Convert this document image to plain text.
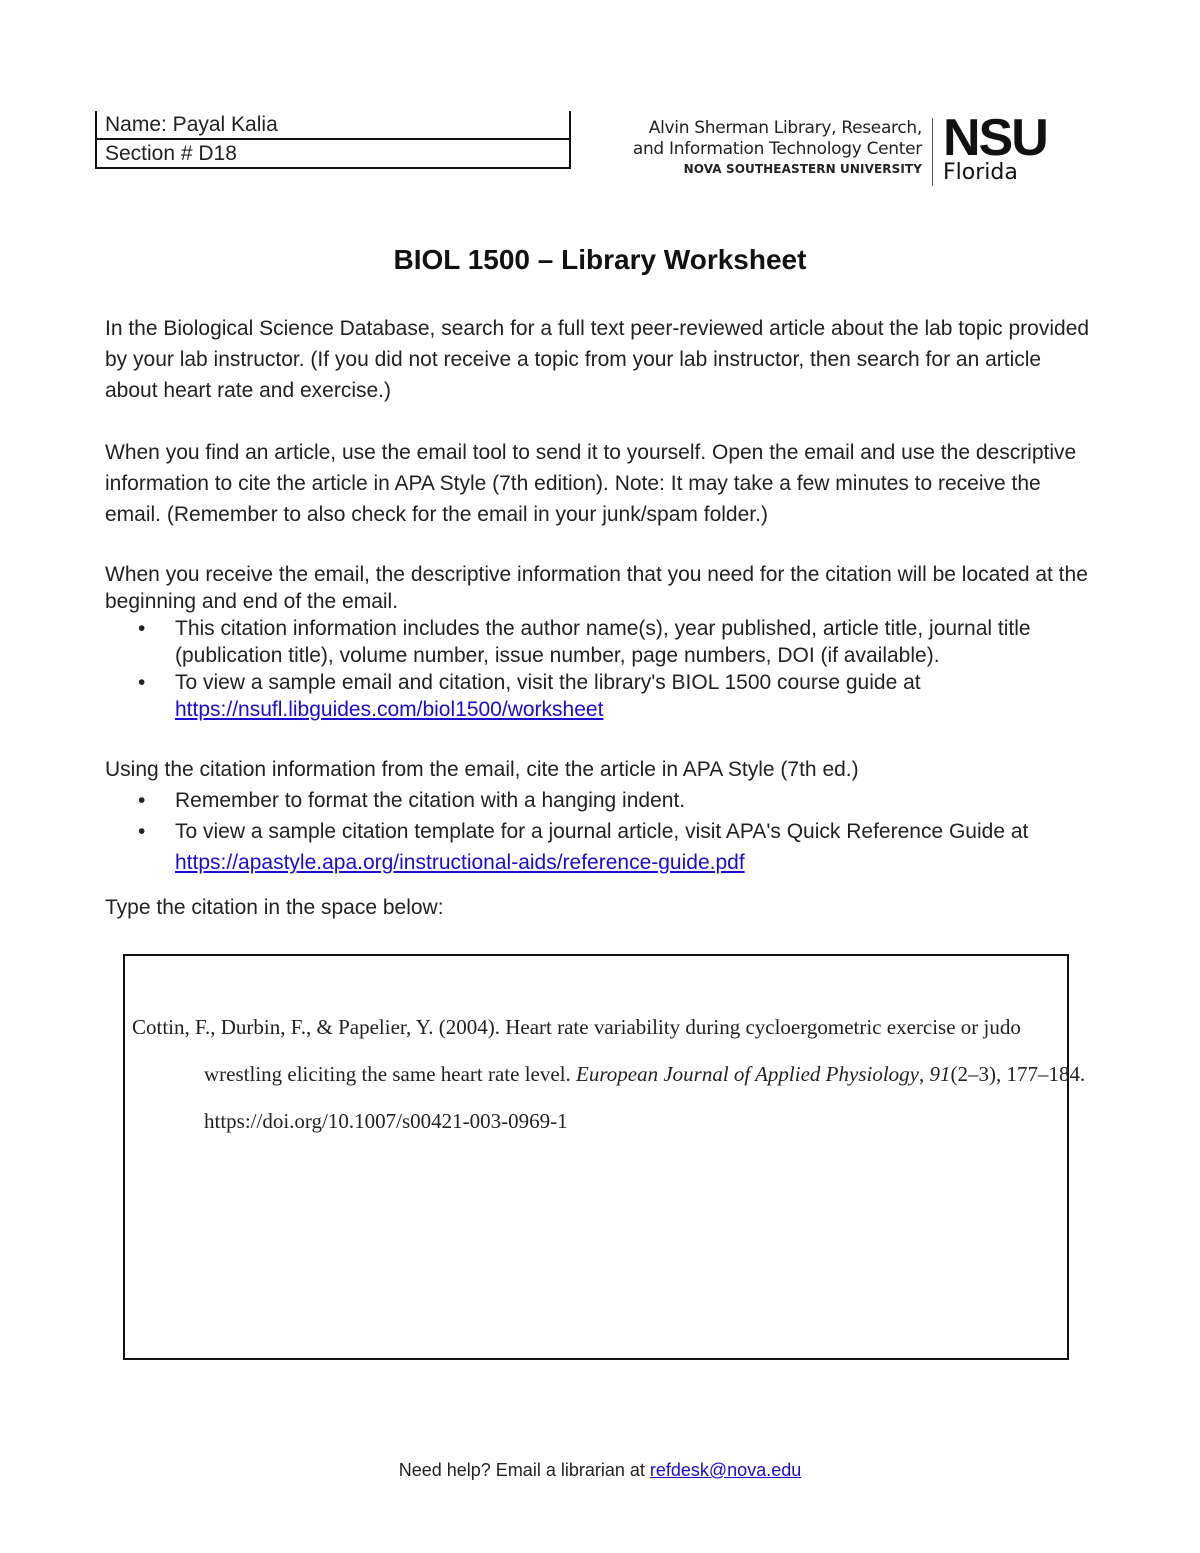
Name: Payal Kalia
Section # D18
Alvin Sherman Library, Research,
and Information Technology Center
NOVA SOUTHEASTERN UNIVERSITY
NSU
Florida
BIOL 1500 – Library Worksheet

In the Biological Science Database, search for a full text peer-reviewed article about the lab topic provided by your lab instructor. (If you did not receive a topic from your lab instructor, then search for an article about heart rate and exercise.)

When you find an article, use the email tool to send it to yourself. Open the email and use the descriptive information to cite the article in APA Style (7th edition). Note: It may take a few minutes to receive the email. (Remember to also check for the email in your junk/spam folder.)

When you receive the email, the descriptive information that you need for the citation will be located at the beginning and end of the email.

• This citation information includes the author name(s), year published, article title, journal title (publication title), volume number, issue number, page numbers, DOI (if available).
• To view a sample email and citation, visit the library's BIOL 1500 course guide at
https://nsufl.libguides.com/biol1500/worksheet

Using the citation information from the email, cite the article in APA Style (7th ed.)

• Remember to format the citation with a hanging indent.
• To view a sample citation template for a journal article, visit APA's Quick Reference Guide at https://apastyle.apa.org/instructional-aids/reference-guide.pdf

Type the citation in the space below:

Cottin, F., Durbin, F., & Papelier, Y. (2004). Heart rate variability during cycloergometric exercise or judo wrestling eliciting the same heart rate level. European Journal of Applied Physiology, 91(2–3), 177–184. https://doi.org/10.1007/s00421-003-0969-1
Need help? Email a librarian at refdesk@nova.edu
